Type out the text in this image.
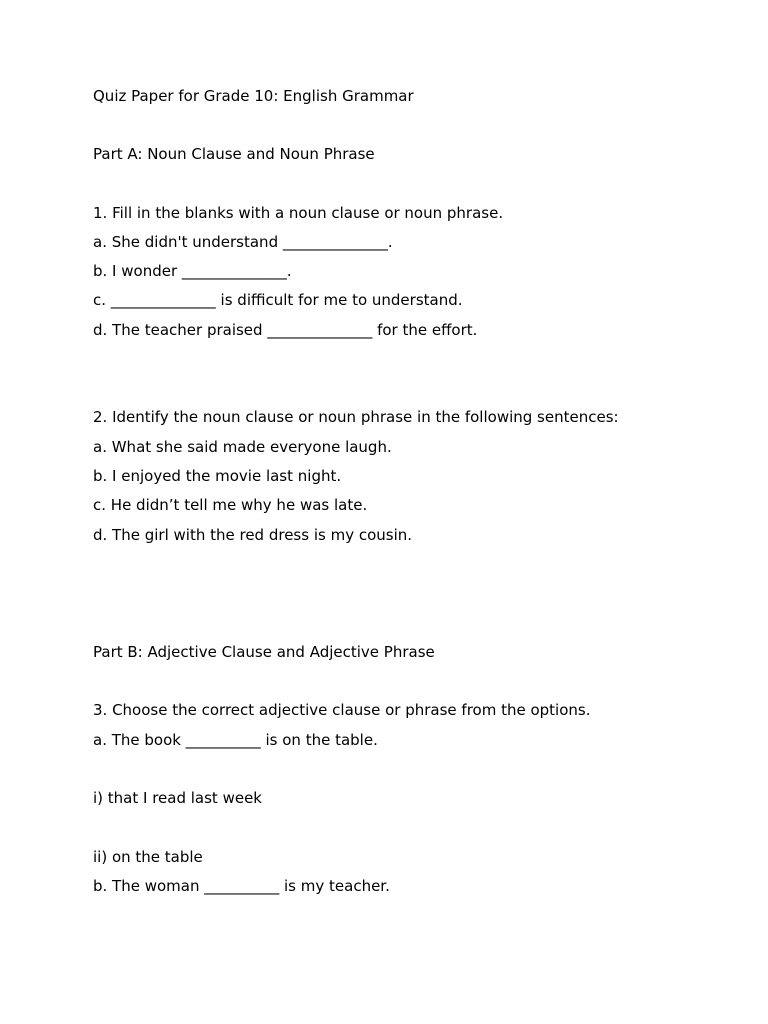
Quiz Paper for Grade 10: English Grammar
Part A: Noun Clause and Noun Phrase

1. Fill in the blanks with a noun clause or noun phrase.

a. She didn't understand ______________.

b. I wonder ______________.

c. ______________ is difficult for me to understand.

d. The teacher praised ______________ for the effort.

2. Identify the noun clause or noun phrase in the following sentences:

a. What she said made everyone laugh.

b. I enjoyed the movie last night.

c. He didn’t tell me why he was late.

d. The girl with the red dress is my cousin.

Part B: Adjective Clause and Adjective Phrase

3. Choose the correct adjective clause or phrase from the options.

a. The book __________ is on the table.

i) that I read last week

ii) on the table

b. The woman __________ is my teacher.
